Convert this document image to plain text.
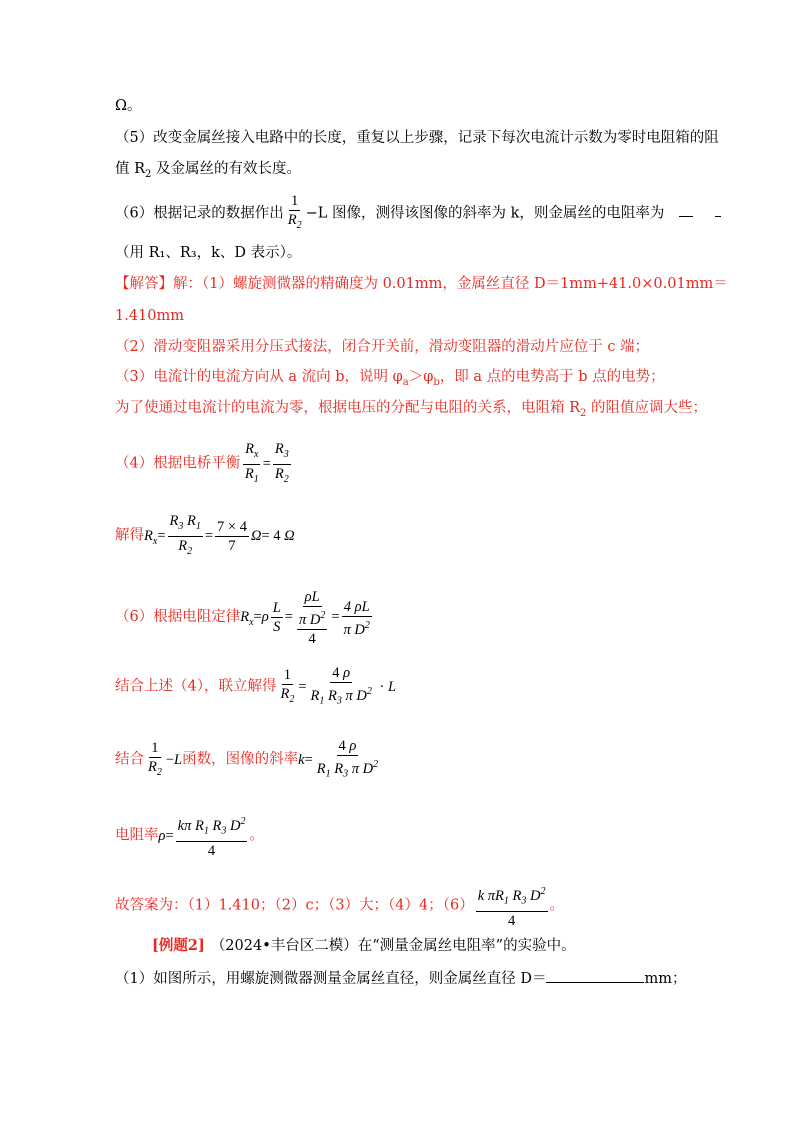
Ω。
（5）改变金属丝接入电路中的长度，重复以上步骤，记录下每次电流计示数为零时电阻箱的阻
值 $R_2$ 及金属丝的有效长度。
（6）根据记录的数据作出 $\frac{1}{R_2} -L$ 图像，测得该图像的斜率为 k，则金属丝的电阻率为
（用 R₁、R₃，k、D 表示）。
【解答】解：（1）螺旋测微器的精确度为 0.01mm，金属丝直径 D＝1mm+41.0×0.01mm＝
1.410mm
（2）滑动变阻器采用分压式接法，闭合开关前，滑动变阻器的滑动片应位于 c 端；
（3）电流计的电流方向从 a 流向 b，说明 $\varphi_a>\varphi_b$，即 a 点的电势高于 b 点的电势；
为了使通过电流计的电流为零，根据电压的分配与电阻的关系，电阻箱 $R_2$ 的阻值应调大些；
（4）根据电桥平衡 $\frac{R_x}{R_1} = \frac{R_3}{R_2}$
解得$R_x= \frac{R_3 R_1}{R_2} = \frac{7 \times 4}{7} \Omega= 4$ Ω
（6）根据电阻定律$R_x=\rho \frac{L}{S} = \frac{\rho L}{\frac{\pi D^2}{4}} = \frac{4 \rho L}{\pi D^2}$
结合上述（4），联立解得 $\frac{1}{R_2} = \frac{4 \rho}{R_1 R_3 \pi D^2} \cdot L$
结合 $\frac{1}{R_2} -L$函数，图像的斜率$k= \frac{4 \rho}{R_1 R_3 \pi D^2}$
电阻率$\rho= \frac{k\pi R_1 R_3 D^2}{4}$ 。
故答案为：（1）1.410；（2）c；（3）大；（4）4；$(6) \frac{k \pi R_1 R_3 D^2}{4}$ 。
[例题2] （2024•丰台区二模）在“测量金属丝电阻率”的实验中。
（1）如图所示，用螺旋测微器测量金属丝直径，则金属丝直径 D＝	mm；
